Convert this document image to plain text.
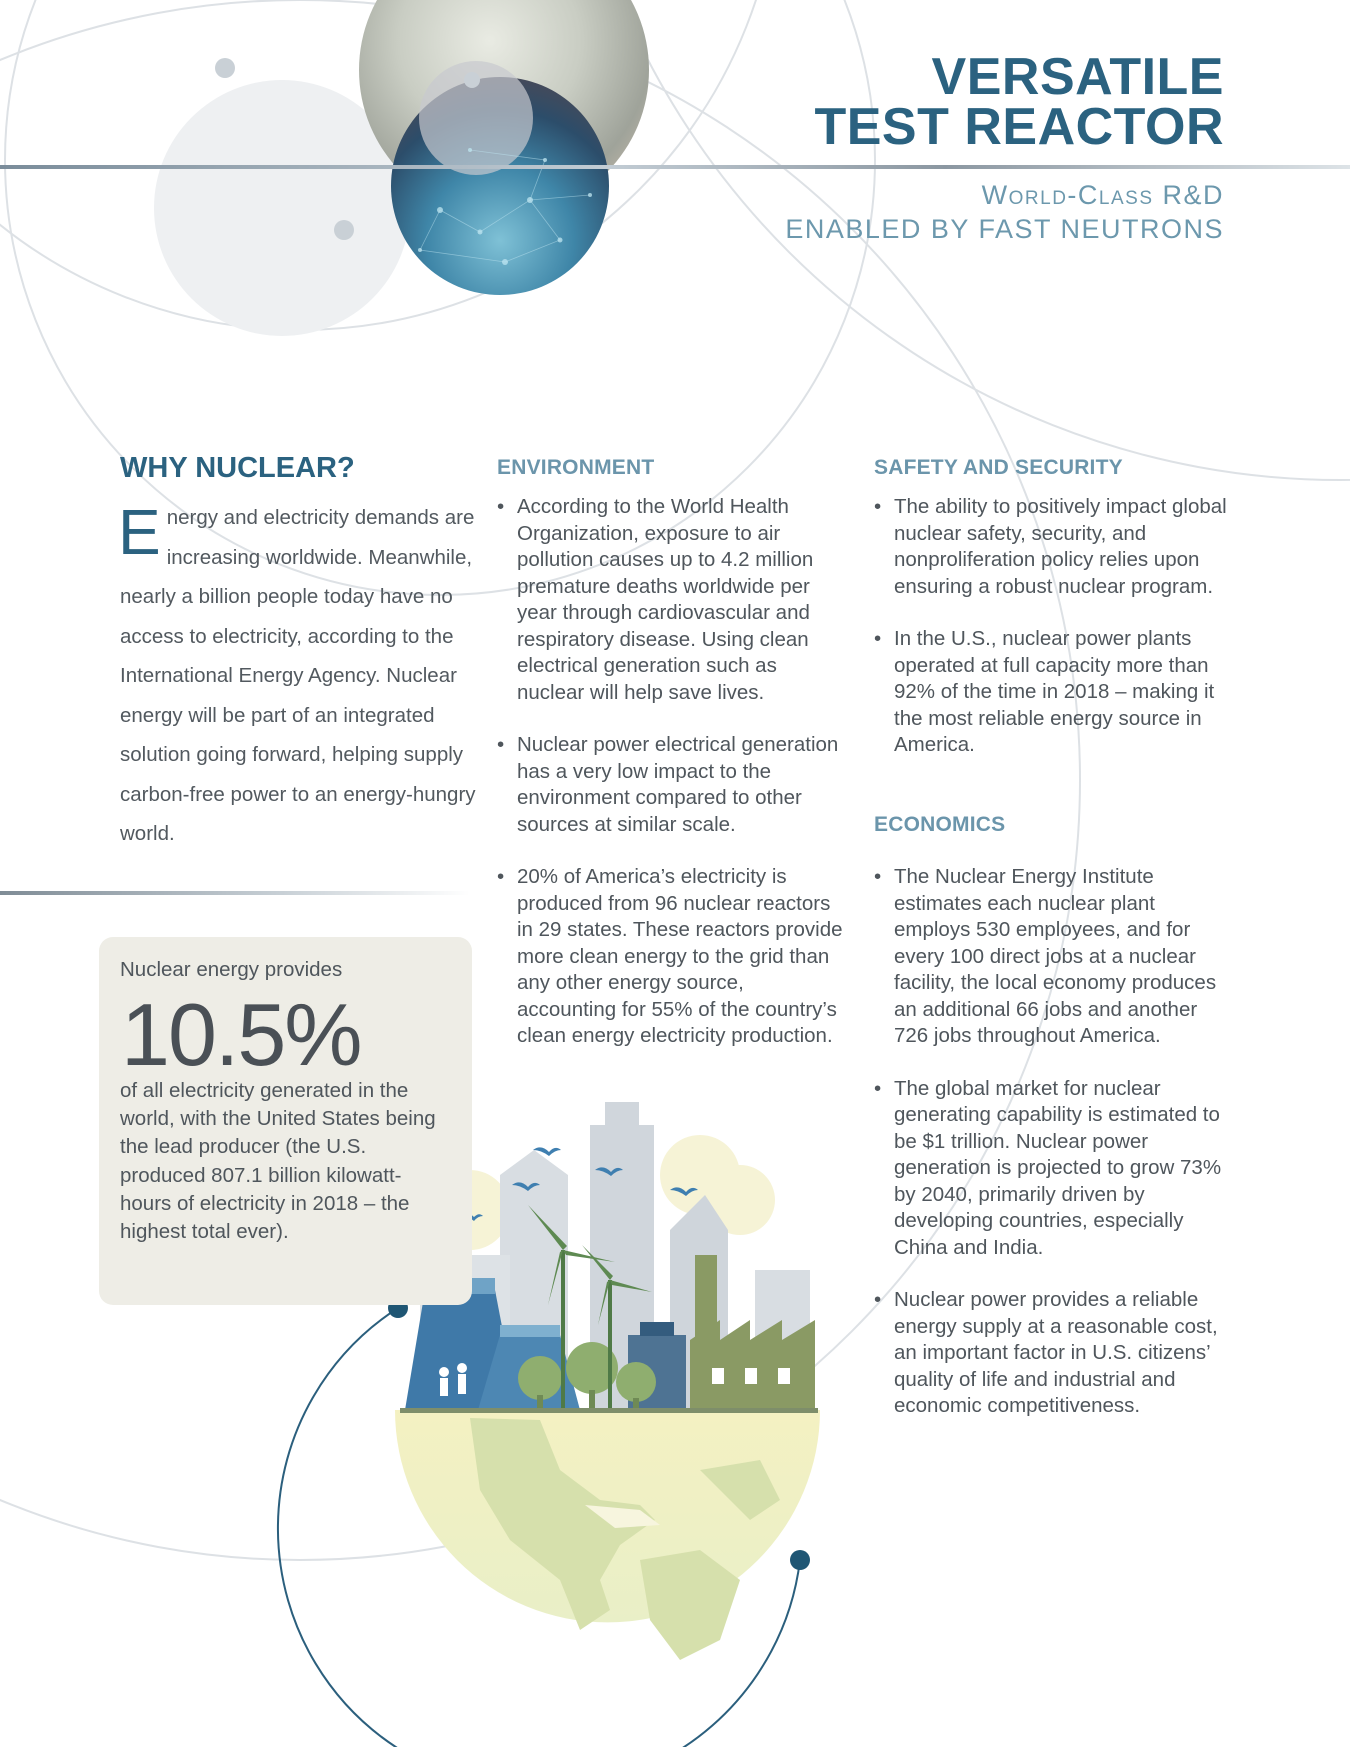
VERSATILE
TEST REACTOR
World-Class R&D
ENABLED BY FAST NEUTRONS
WHY NUCLEAR?

Energy and electricity demands are increasing worldwide. Meanwhile, nearly a billion people today have no access to electricity, according to the International Energy Agency. Nuclear energy will be part of an integrated solution going forward, helping supply carbon-free power to an energy-hungry world.

Nuclear energy provides
10.5%
of all electricity generated in the world, with the United States being the lead producer (the U.S. produced 807.1 billion kilowatt-hours of electricity in 2018 – the highest total ever).
ENVIRONMENT
• According to the World Health Organization, exposure to air pollution causes up to 4.2 million premature deaths worldwide per year through cardiovascular and respiratory disease. Using clean electrical generation such as nuclear will help save lives.
• Nuclear power electrical generation has a very low impact to the environment compared to other sources at similar scale.
• 20% of America’s electricity is produced from 96 nuclear reactors in 29 states. These reactors provide more clean energy to the grid than any other energy source, accounting for 55% of the country’s clean energy electricity production.
SAFETY AND SECURITY
• The ability to positively impact global nuclear safety, security, and nonproliferation policy relies upon ensuring a robust nuclear program.
• In the U.S., nuclear power plants operated at full capacity more than 92% of the time in 2018 – making it the most reliable energy source in America.
ECONOMICS
• The Nuclear Energy Institute estimates each nuclear plant employs 530 employees, and for every 100 direct jobs at a nuclear facility, the local economy produces an additional 66 jobs and another 726 jobs throughout America.
• The global market for nuclear generating capability is estimated to be $1 trillion. Nuclear power generation is projected to grow 73% by 2040, primarily driven by developing countries, especially China and India.
• Nuclear power provides a reliable energy supply at a reasonable cost, an important factor in U.S. citizens’ quality of life and industrial and economic competitiveness.
